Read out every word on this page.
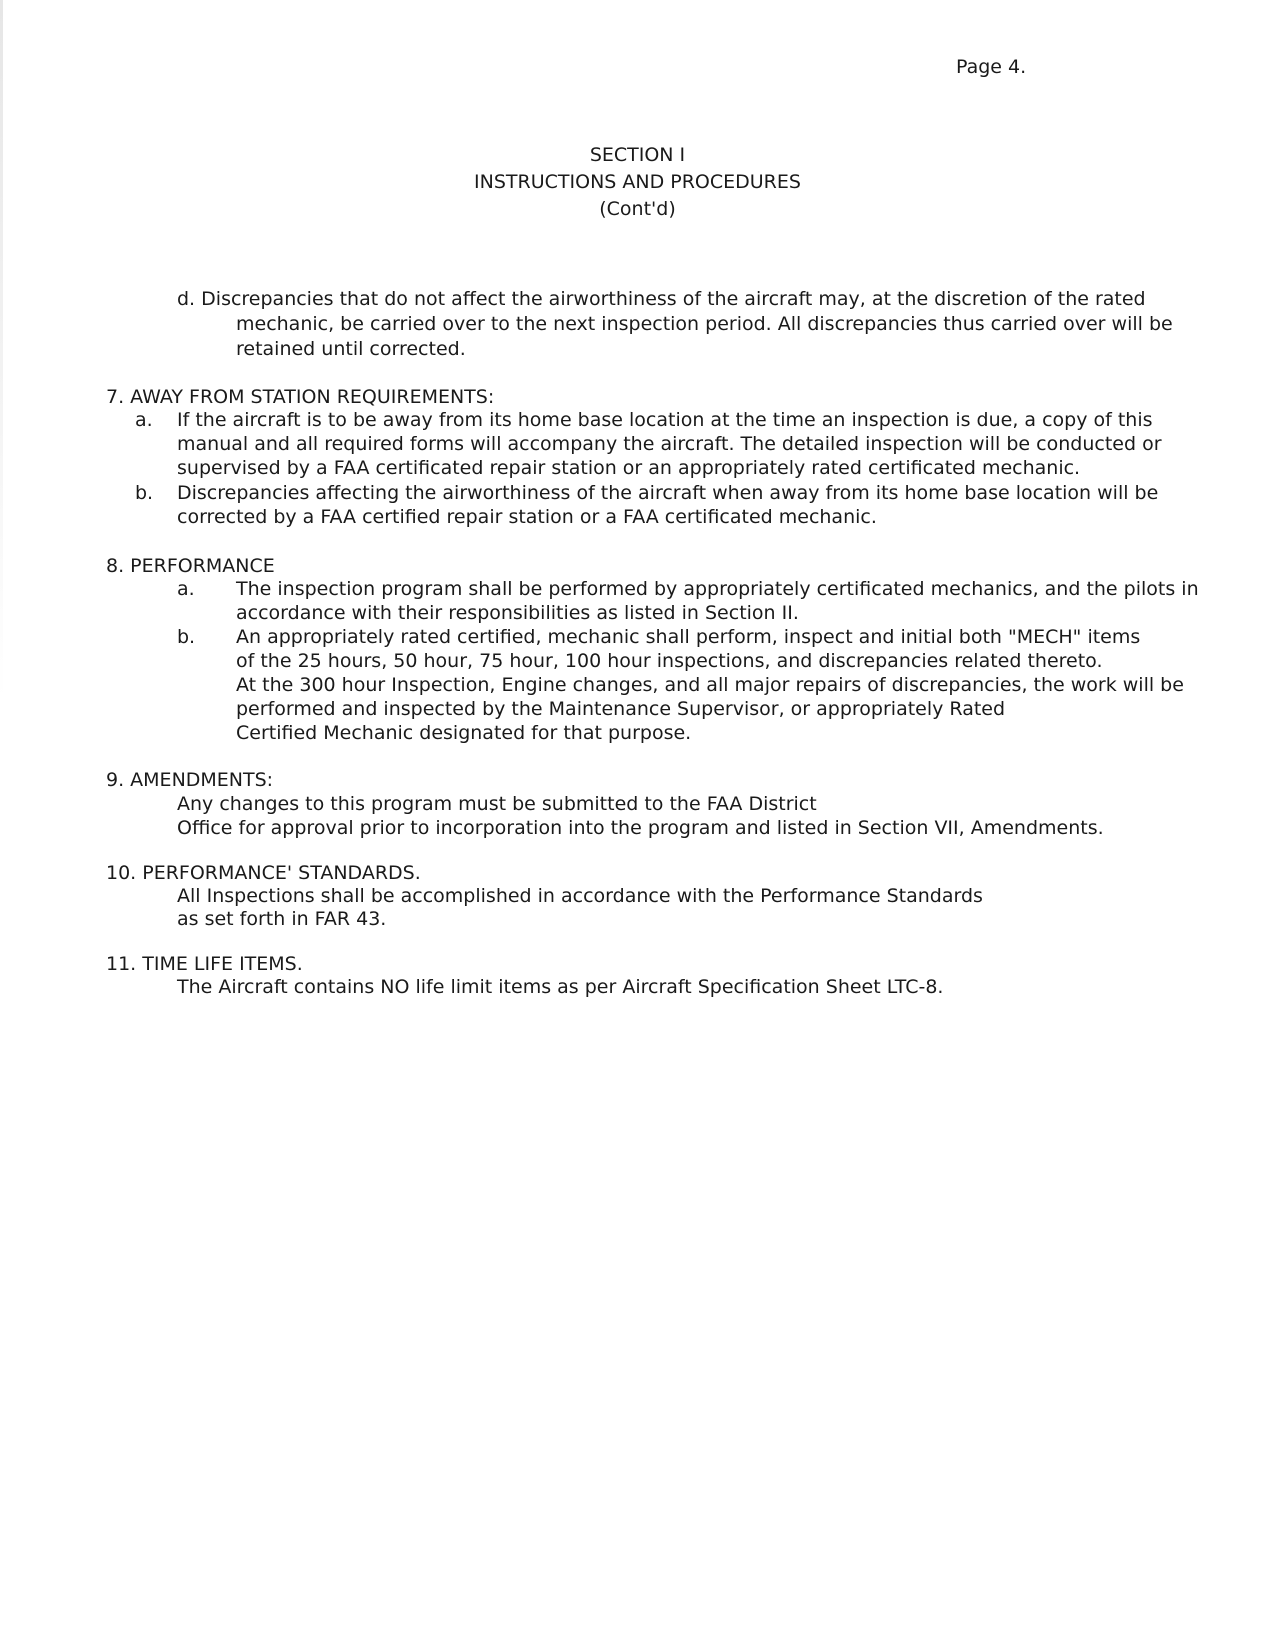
Page 4.
SECTION I
INSTRUCTIONS AND PROCEDURES
(Cont'd)
d. Discrepancies that do not affect the airworthiness of the aircraft may, at the discretion of the rated
mechanic, be carried over to the next inspection period. All discrepancies thus carried over will be
retained until corrected.
7. AWAY FROM STATION REQUIREMENTS:
a. If the aircraft is to be away from its home base location at the time an inspection is due, a copy of this
manual and all required forms will accompany the aircraft. The detailed inspection will be conducted or
supervised by a FAA certificated repair station or an appropriately rated certificated mechanic.
b. Discrepancies affecting the airworthiness of the aircraft when away from its home base location will be
corrected by a FAA certified repair station or a FAA certificated mechanic.
8. PERFORMANCE
a. The inspection program shall be performed by appropriately certificated mechanics, and the pilots in
accordance with their responsibilities as listed in Section II.
b. An appropriately rated certified, mechanic shall perform, inspect and initial both "MECH" items
of the 25 hours, 50 hour, 75 hour, 100 hour inspections, and discrepancies related thereto.
At the 300 hour Inspection, Engine changes, and all major repairs of discrepancies, the work will be
performed and inspected by the Maintenance Supervisor, or appropriately Rated
Certified Mechanic designated for that purpose.
9. AMENDMENTS:
Any changes to this program must be submitted to the FAA District
Office for approval prior to incorporation into the program and listed in Section VII, Amendments.
10. PERFORMANCE' STANDARDS.
All Inspections shall be accomplished in accordance with the Performance Standards
as set forth in FAR 43.
11. TIME LIFE ITEMS.
The Aircraft contains NO life limit items as per Aircraft Specification Sheet LTC-8.
